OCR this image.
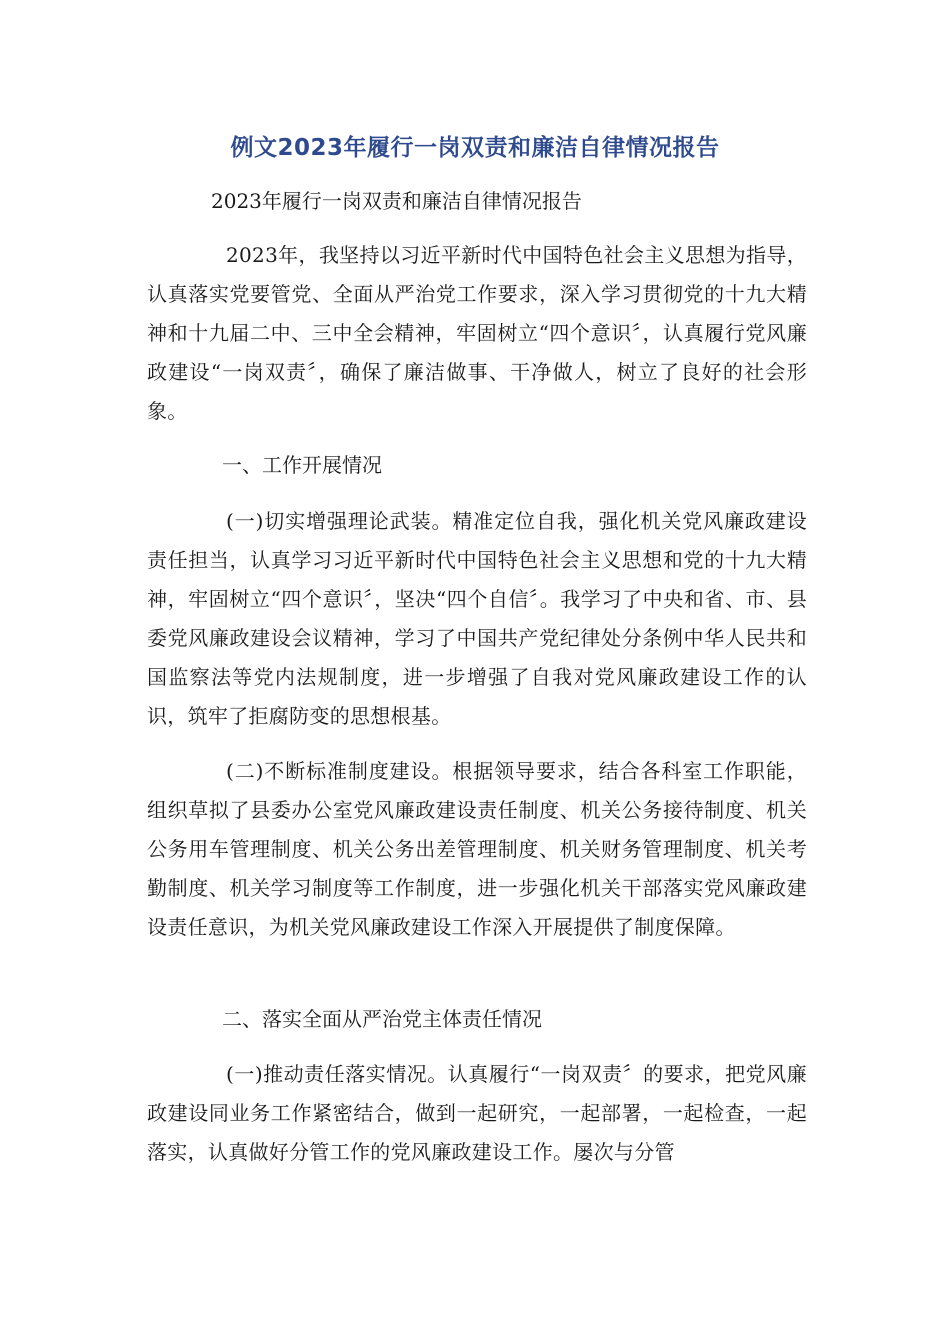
例文2023年履行一岗双责和廉洁自律情况报告
2023年履行一岗双责和廉洁自律情况报告
2023年，我坚持以习近平新时代中国特色社会主义思想为指导，认真落实党要管党、全面从严治党工作要求，深入学习贯彻党的十九大精神和十九届二中、三中全会精神，牢固树立“四个意识〞，认真履行党风廉政建设“一岗双责〞，确保了廉洁做事、干净做人，树立了良好的社会形象。
一、工作开展情况
(一)切实增强理论武装。精准定位自我，强化机关党风廉政建设责任担当，认真学习习近平新时代中国特色社会主义思想和党的十九大精神，牢固树立“四个意识〞，坚决“四个自信〞。我学习了中央和省、市、县委党风廉政建设会议精神，学习了中国共产党纪律处分条例中华人民共和国监察法等党内法规制度，进一步增强了自我对党风廉政建设工作的认识，筑牢了拒腐防变的思想根基。
(二)不断标准制度建设。根据领导要求，结合各科室工作职能，组织草拟了县委办公室党风廉政建设责任制度、机关公务接待制度、机关公务用车管理制度、机关公务出差管理制度、机关财务管理制度、机关考勤制度、机关学习制度等工作制度，进一步强化机关干部落实党风廉政建设责任意识，为机关党风廉政建设工作深入开展提供了制度保障。
二、落实全面从严治党主体责任情况
(一)推动责任落实情况。认真履行“一岗双责〞的要求，把党风廉政建设同业务工作紧密结合，做到一起研究，一起部署，一起检查，一起落实，认真做好分管工作的党风廉政建设工作。屡次与分管
